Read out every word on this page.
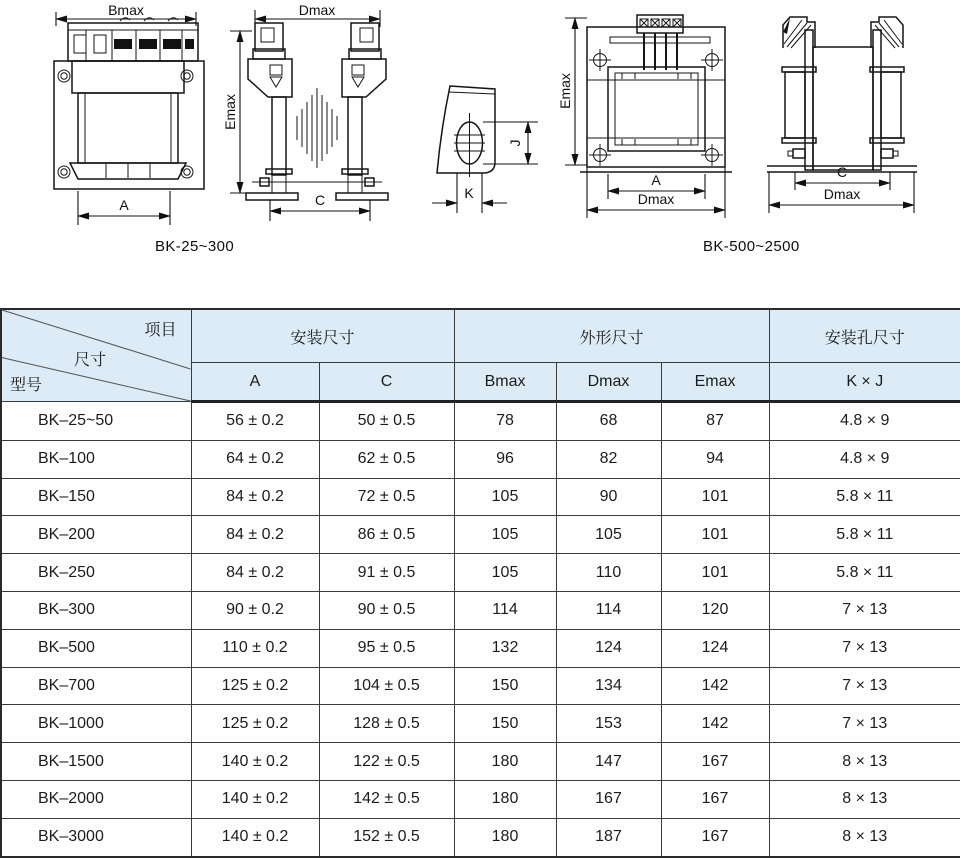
Bmax
A
Dmax
Emax
C
J
K
Emax
A
Dmax
C
Dmax
BK-25~300	BK-500~2500
项目
尺寸
型号	安装尺寸		外形尺寸			安装孔尺寸
	A	C	Bmax	Dmax	Emax	K × J
BK–25~50	56 ± 0.2	50 ± 0.5	78	68	87	4.8 × 9
BK–100	64 ± 0.2	62 ± 0.5	96	82	94	4.8 × 9
BK–150	84 ± 0.2	72 ± 0.5	105	90	101	5.8 × 11
BK–200	84 ± 0.2	86 ± 0.5	105	105	101	5.8 × 11
BK–250	84 ± 0.2	91 ± 0.5	105	110	101	5.8 × 11
BK–300	90 ± 0.2	90 ± 0.5	114	114	120	7 × 13
BK–500	110 ± 0.2	95 ± 0.5	132	124	124	7 × 13
BK–700	125 ± 0.2	104 ± 0.5	150	134	142	7 × 13
BK–1000	125 ± 0.2	128 ± 0.5	150	153	142	7 × 13
BK–1500	140 ± 0.2	122 ± 0.5	180	147	167	8 × 13
BK–2000	140 ± 0.2	142 ± 0.5	180	167	167	8 × 13
BK–3000	140 ± 0.2	152 ± 0.5	180	187	167	8 × 13
